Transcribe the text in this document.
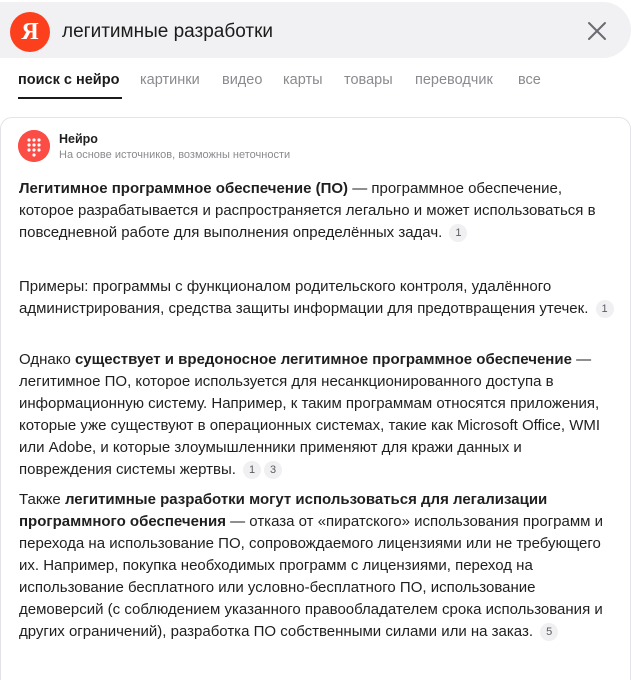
Я
легитимные разработки
поиск с нейро картинки видео карты товары переводчик все
Нейро
На основе источников, возможны неточности
Легитимное программное обеспечение (ПО) — программное обеспечение, которое разрабатывается и распространяется легально и может использоваться в повседневной работе для выполнения определённых задач. 1
Примеры: программы с функционалом родительского контроля, удалённого администрирования, средства защиты информации для предотвращения утечек. 1
Однако существует и вредоносное легитимное программное обеспечение — легитимное ПО, которое используется для несанкционированного доступа в информационную систему. Например, к таким программам относятся приложения, которые уже существуют в операционных системах, такие как Microsoft Office, WMI или Adobe, и которые злоумышленники применяют для кражи данных и повреждения системы жертвы. 1 3
Также легитимные разработки могут использоваться для легализации программного обеспечения — отказа от «пиратского» использования программ и перехода на использование ПО, сопровождаемого лицензиями или не требующего их. Например, покупка необходимых программ с лицензиями, переход на использование бесплатного или условно-бесплатного ПО, использование демоверсий (с соблюдением указанного правообладателем срока использования и других ограничений), разработка ПО собственными силами или на заказ. 5
